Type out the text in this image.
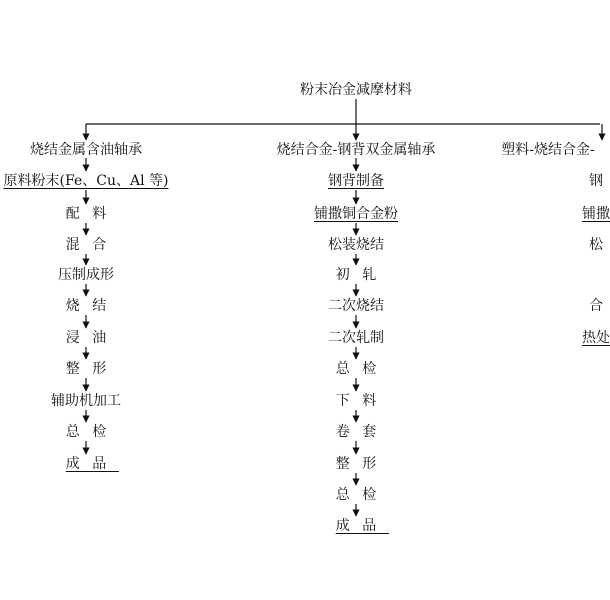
粉末冶金减摩材料
烧结金属含油轴承
原料粉末(Fe、Cu、Al 等)
配料
混合
压制成形
烧结
浸油
整形
辅助机加工
总检
成品
烧结合金-钢背双金属轴承
钢背制备
铺撒铜合金粉
松装烧结
初轧
二次烧结
二次轧制
总检
下料
卷套
整形
总检
成品
塑料-烧结合金-
钢
铺撒
松
合
热处
